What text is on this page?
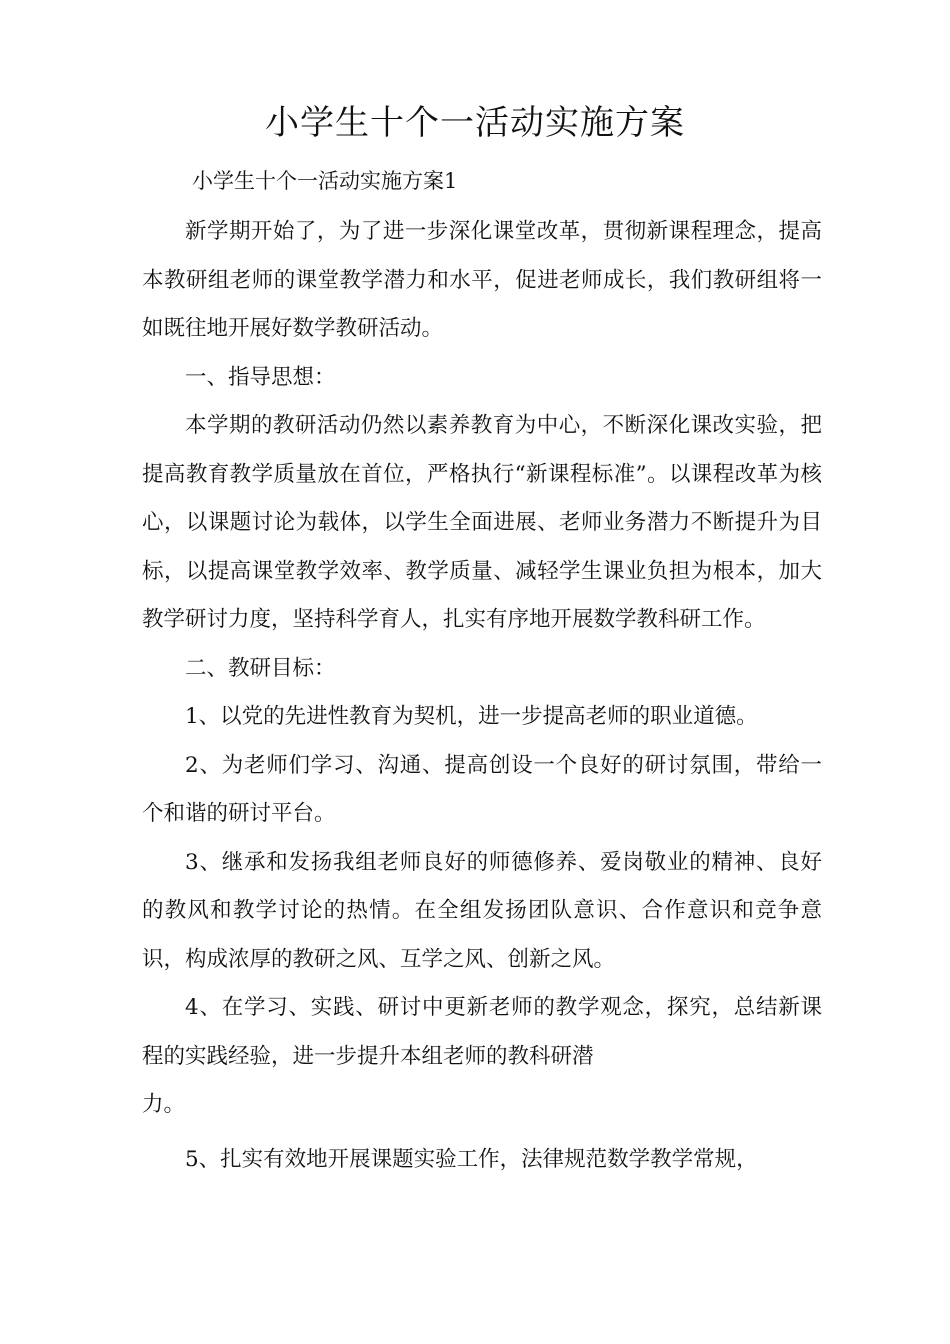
小学生十个一活动实施方案
小学生十个一活动实施方案1

新学期开始了，为了进一步深化课堂改革，贯彻新课程理念，提高本教研组老师的课堂教学潜力和水平，促进老师成长，我们教研组将一如既往地开展好数学教研活动。

一、指导思想：

本学期的教研活动仍然以素养教育为中心，不断深化课改实验，把提高教育教学质量放在首位，严格执行“新课程标准”。以课程改革为核心，以课题讨论为载体，以学生全面进展、老师业务潜力不断提升为目标，以提高课堂教学效率、教学质量、减轻学生课业负担为根本，加大教学研讨力度，坚持科学育人，扎实有序地开展数学教科研工作。

二、教研目标：

1、以党的先进性教育为契机，进一步提高老师的职业道德。

2、为老师们学习、沟通、提高创设一个良好的研讨氛围，带给一个和谐的研讨平台。

3、继承和发扬我组老师良好的师德修养、爱岗敬业的精神、良好的教风和教学讨论的热情。在全组发扬团队意识、合作意识和竞争意识，构成浓厚的教研之风、互学之风、创新之风。

4、在学习、实践、研讨中更新老师的教学观念，探究，总结新课程的实践经验，进一步提升本组老师的教科研潜

力。

5、扎实有效地开展课题实验工作，法律规范数学教学常规，
